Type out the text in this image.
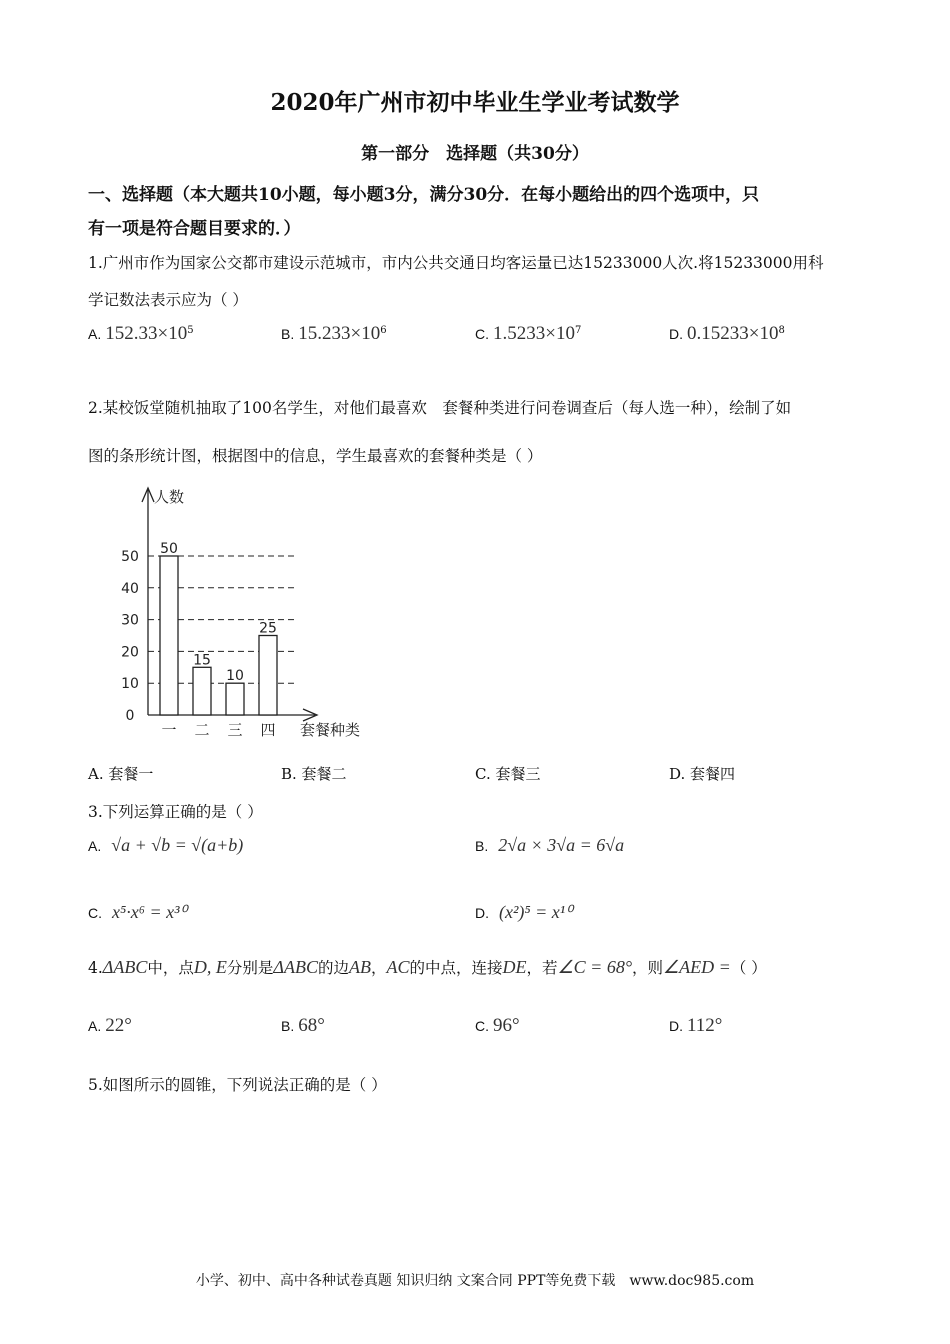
2020年广州市初中毕业生学业考试数学
第一部分　选择题（共30分）
一、选择题（本大题共10小题，每小题3分，满分30分．在每小题给出的四个选项中，只
有一项是符合题目要求的．）
1.广州市作为国家公交都市建设示范城市，市内公共交通日均客运量已达15233000人次.将15233000用科
学记数法表示应为（ ）
A. $152.33\times 10^5$	B. $15.233\times 10^6$	C. $1.5233\times 10^7$	D. $0.15233\times 10^8$
2.某校饭堂随机抽取了100名学生，对他们最喜欢　套餐种类进行问卷调查后（每人选一种），绘制了如
图的条形统计图，根据图中的信息，学生最喜欢的套餐种类是（ ）
0
10
20
30
40
50
人数
套餐种类
50
一
15
二
10
三
25
四
A. 套餐一	B. 套餐二	C. 套餐三	D. 套餐四
3.下列运算正确的是（ ）
A. √a + √b = √(a+b)	B. 2√a × 3√a = 6√a
C. x⁵·x⁶ = x³⁰	D. (x²)⁵ = x¹⁰
4.ΔABC中，点D, E分别是ΔABC的边AB，AC的中点，连接DE，若∠C = 68°，则∠AED =（ ）
A. 22°	B. 68°	C. 96°	D. 112°
5.如图所示的圆锥，下列说法正确的是（ ）
小学、初中、高中各种试卷真题 知识归纳 文案合同 PPT等免费下载　www.doc985.com
